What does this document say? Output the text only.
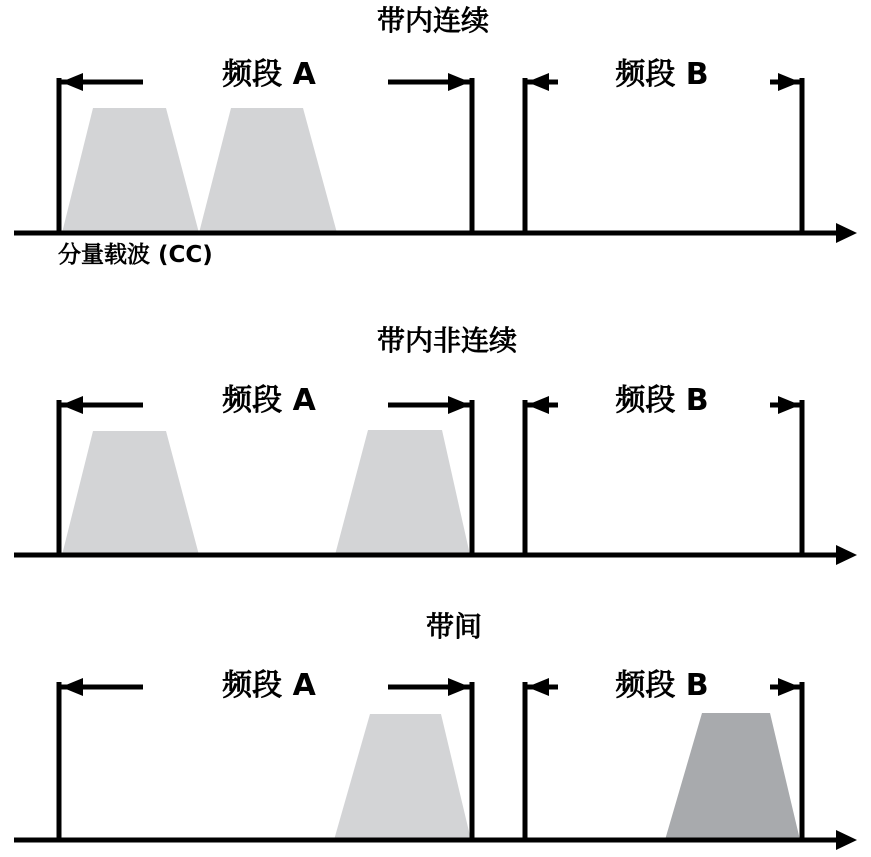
带内连续
带内非连续
带间
频段 A	频段 B
频段 A	频段 B
频段 A	频段 B
分量载波 (CC)
